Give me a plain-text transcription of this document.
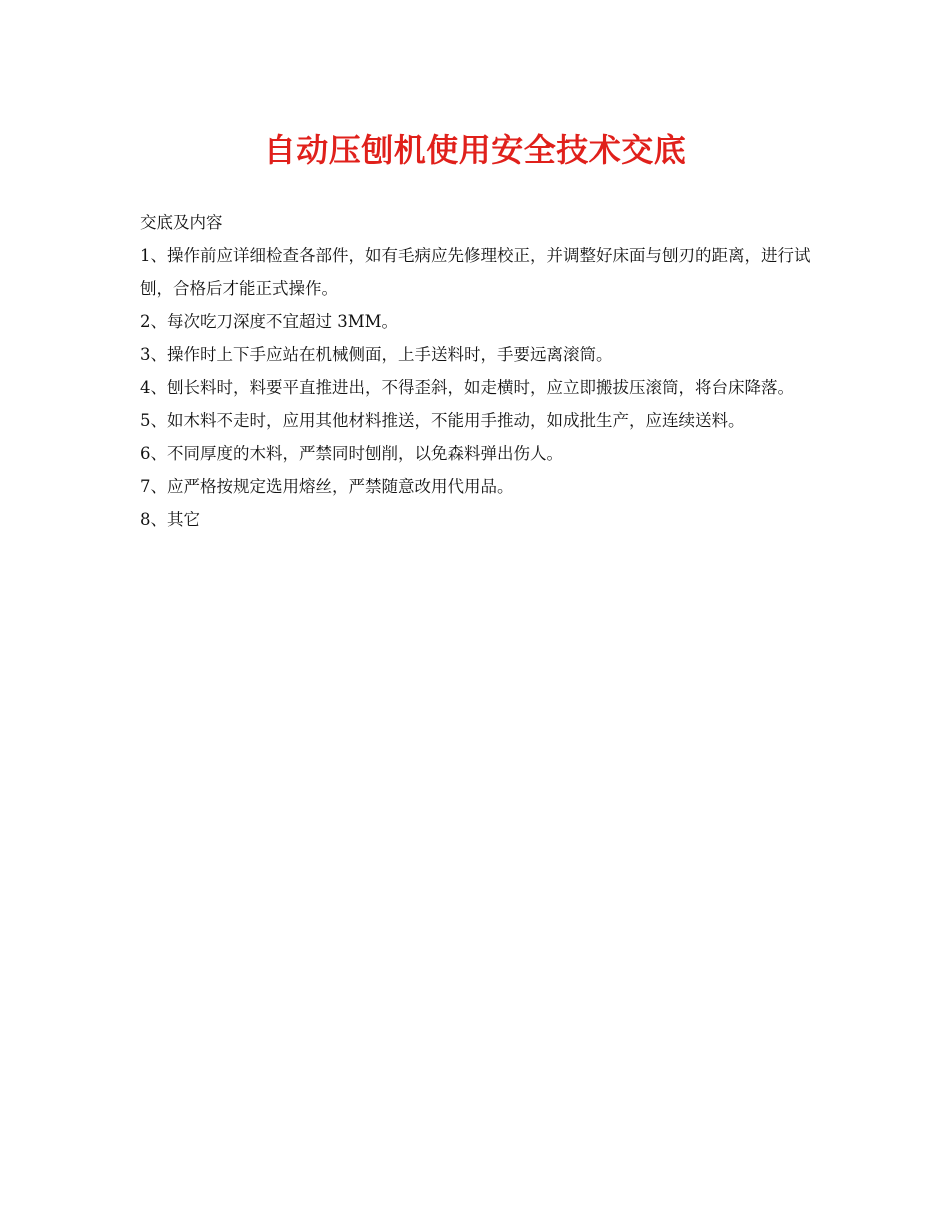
自动压刨机使用安全技术交底

交底及内容

1、操作前应详细检查各部件，如有毛病应先修理校正，并调整好床面与刨刃的距离，进行试刨，合格后才能正式操作。

2、每次吃刀深度不宜超过 3MM。

3、操作时上下手应站在机械侧面，上手送料时，手要远离滚筒。

4、刨长料时，料要平直推进出，不得歪斜，如走横时，应立即搬拔压滚筒，将台床降落。

5、如木料不走时，应用其他材料推送，不能用手推动，如成批生产，应连续送料。

6、不同厚度的木料，严禁同时刨削，以免森料弹出伤人。

7、应严格按规定选用熔丝，严禁随意改用代用品。

8、其它
